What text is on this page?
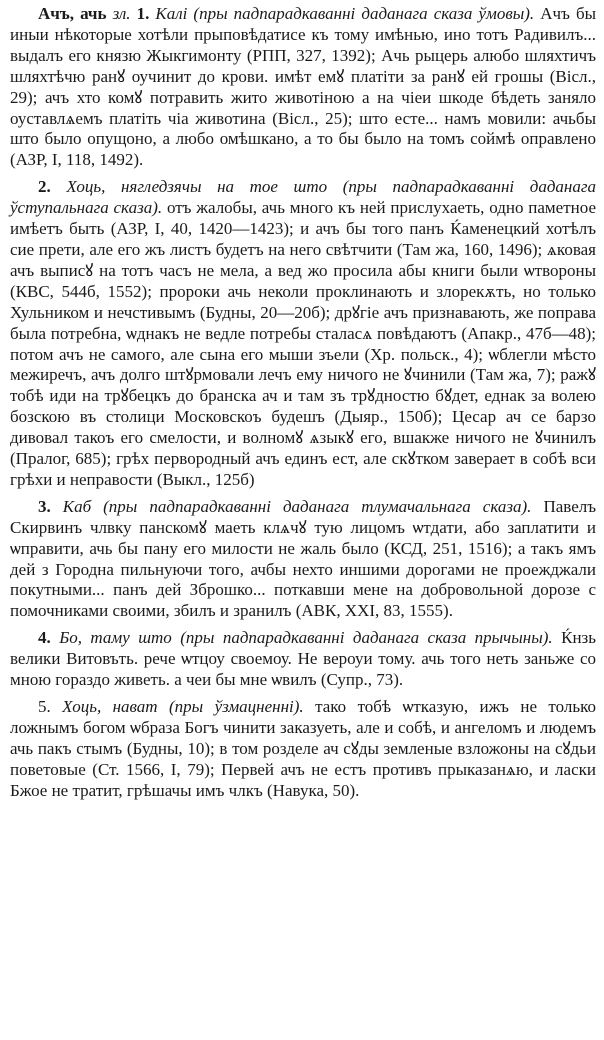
Ачъ, ачь зл. 1. Калі (пры падпарадкаванні даданага сказа ўмовы). Ачъ бы иныи нѣкоторые хотѣли прыповѣдатисе къ тому имѣнью, ино тотъ Радивилъ... выдалъ его князю Жыкгимонту (РПП, 327, 1392); Ачь рыцерь алюбо шляхтичъ шляхтѣчю ранꙋ оучинит до крови. имѣт емꙋ платіти за ранꙋ ей грошы (Вісл., 29); ачъ хто комꙋ потравить жито животіною а на чіеи шкоде бѣдеть заняло оуставлѧемъ платіть чіа животина (Вісл., 25); што есте... намъ мовили: ачьбы што было опущоно, а любо омѣшкано, а то бы было на томъ соймѣ оправлено (АЗР, I, 118, 1492).

2. Хоць, нягледзячы на тое што (пры падпарадкаванні даданага ўступальнага сказа). отъ жалобы, ачь много къ ней прислухаеть, одно паметное имѣетъ быть (АЗР, I, 40, 1420—1423); и ачъ бы того панъ Ќаменецкий хотѣлъ сие прети, але его жъ листъ будетъ на него свѣтчити (Там жа, 160, 1496); ѧковая ачъ выписꙋ на тотъ часъ не мела, а вед жо просила абы книги были ѡтвороны (КВС, 544б, 1552); пророки ачь неколи проклинають и злорекѫть, но только Хульником и нечстивымъ (Будны, 20—20б); дрꙋгіе ачъ признавають, же поправа была потребна, ѡднакъ не ведле потребы сталасѧ повѣдаютъ (Апакр., 47б—48); потом ачъ не самого, але сына его мыши зъели (Хр. польск., 4); ѡблегли мѣсто межиречъ, ачъ долго штꙋрмовали лечъ ему ничого не ꙋчинили (Там жа, 7); ражꙋ тобѣ иди на трꙋбецкъ до бранска ач и там зъ трꙋдностю бꙋдет, еднак за волею бозскою въ столици Московскоъ будешъ (Дыяр., 150б); Цесар ач се барзо дивовал такоъ его смелости, и волномꙋ ѧзыкꙋ его, вшакже ничого не ꙋчинилъ (Пралог, 685); грѣх первородный ачъ единъ ест, але скꙋтком заверает в собѣ вси грѣхи и неправости (Выкл., 125б)

3. Каб (пры падпарадкаванні даданага тлумачальнага сказа). Павелъ Скирвинъ члвку панскомꙋ маеть клѧчꙋ тую лицомъ ѡтдати, або заплатити и ѡправити, ачь бы пану его милости не жаль было (КСД, 251, 1516); а такъ ямъ дей з Городна пильнуючи того, ачбы нехто иншими дорогами не проежджали покутными... панъ дей Зброшко... поткавши мене на добровольной дорозе с помочниками своими, збилъ и зранилъ (АВК, XXI, 83, 1555).

4. Бо, таму што (пры падпарадкаванні даданага сказа прычыны). Ќнзь велики Витовъть. рече ѡтцоу своемоу. Не вероуи тому. ачь того неть заньже со мною гораздо живеть. а чеи бы мне ѡвилъ (Супр., 73).

5. Хоць, нават (пры ўзмацненні). тако тобѣ ѡтказую, ижъ не только ложнымъ богом ѡбраза Богъ чинити заказуеть, але и собѣ, и ангеломъ и людемъ ачь пакъ стымъ (Будны, 10); в том розделе ач сꙋды земленые взложоны на сꙋдьи поветовые (Ст. 1566, I, 79); Первей ачъ не естъ противъ прыказанѧю, и ласки Бжое не тратит, грѣшачы имъ члкъ (Навука, 50).
